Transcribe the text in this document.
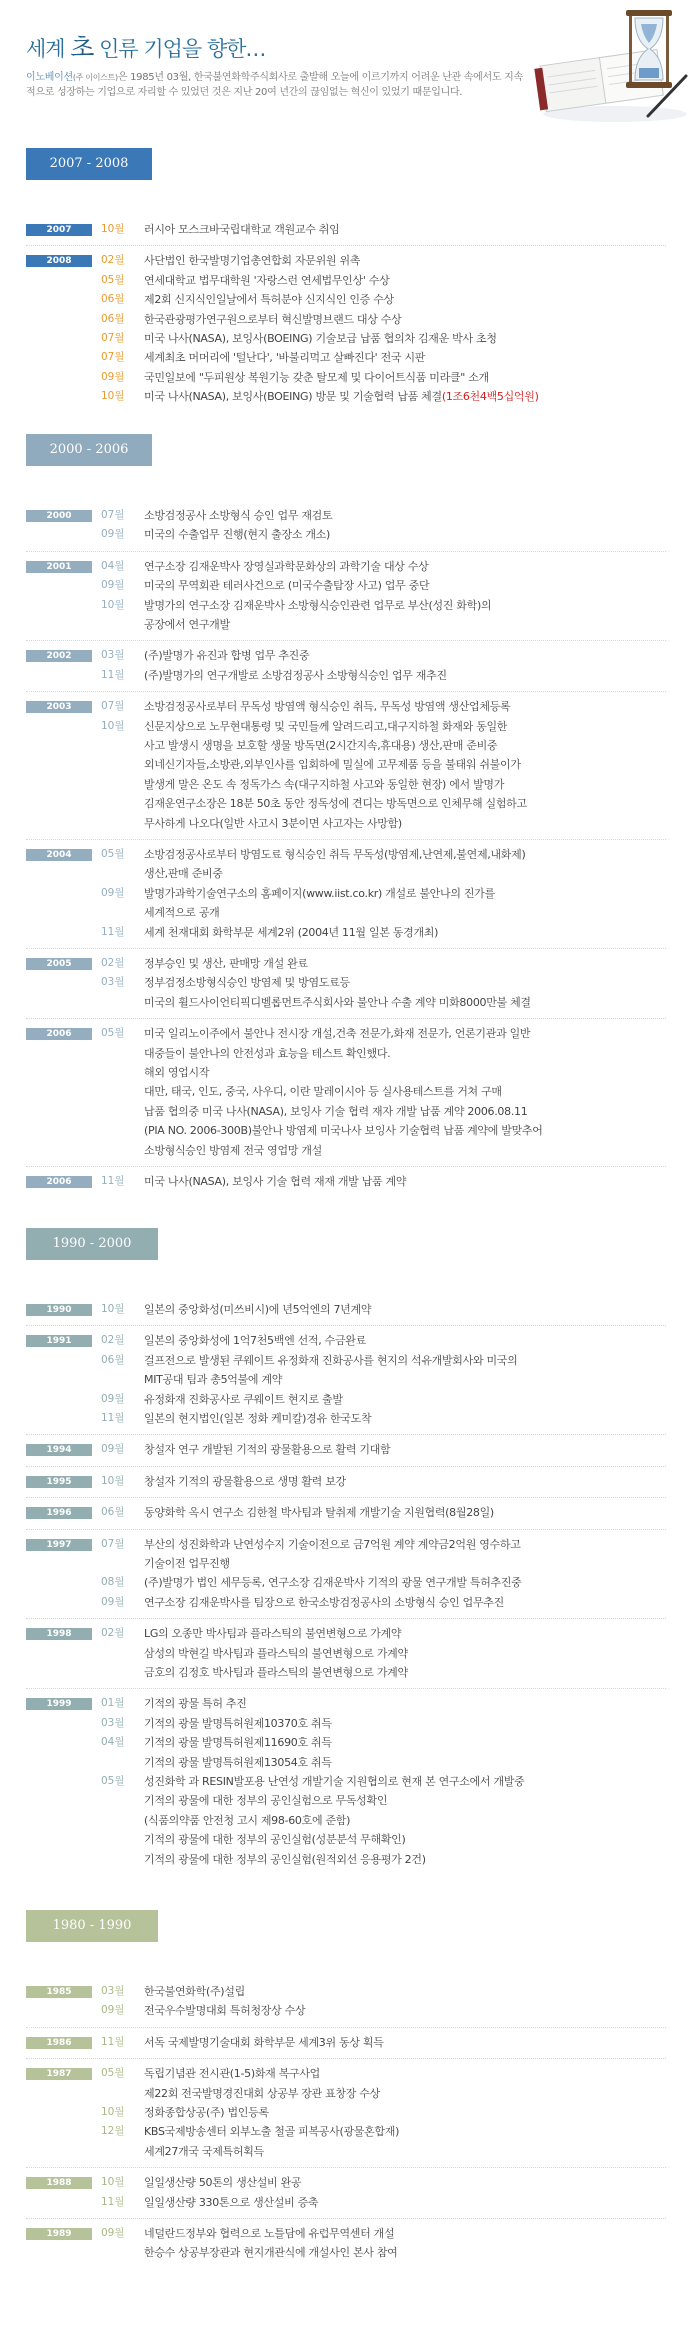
세계 초 인류 기업을 향한…
이노베이션(주 이이스트)은 1985년 03월, 한국불연화학주식회사로 출발해 오늘에 이르기까지 어려운 난관 속에서도 지속적으로 성장하는 기업으로 자리할 수 있었던 것은 지난 20여 년간의 끊임없는 혁신이 있었기 때문입니다.
2007 - 2008
2007	10월	러시아 모스크바국립대학교 객원교수 취임
2008	02월	사단법인 한국발명기업총연합회 자문위원 위촉
05월	연세대학교 법무대학원 '자랑스런 연세법무인상' 수상
06월	제2회 신지식인일날에서 특허분야 신지식인 인증 수상
06월	한국관광평가연구원으로부터 혁신발명브랜드 대상 수상
07월	미국 나사(NASA), 보잉사(BOEING) 기술보급 납품 협의차 김재운 박사 초청
07월	세계최초 머머리에 '털난다', '바불리먹고 살빠진다' 전국 시판
09월	국민일보에 "두피원상 복원기능 갖춘 탈모제 및 다이어트식품 미라클" 소개
10월	미국 나사(NASA), 보잉사(BOEING) 방문 및 기술협력 납품 체결(1조6천4백5십억원)
2000 - 2006
2000	07월	소방검정공사 소방형식 승인 업무 재검토
09월	미국의 수출업무 진행(현지 출장소 개소)
2001	04월	연구소장 김재운박사 장영실과학문화상의 과학기술 대상 수상
09월	미국의 무역회관 테러사건으로 (미국수출탐장 사고) 업무 중단
10월	발명가의 연구소장 김재운박사 소방형식승인관련 업무로 부산(성진 화학)의
공장에서 연구개발
2002	03월	(주)발명가 유진과 합병 업무 추진중
11월	(주)발명가의 연구개발로 소방검정공사 소방형식승인 업무 재추진
2003	07월	소방검정공사로부터 무독성 방염액 형식승인 취득, 무독성 방염액 생산업체등록
10월	신문지상으로 노무현대통령 및 국민들께 알려드리고,대구지하철 화재와 동일한
사고 발생시 생명을 보호할 생물 방독면(2시간지속,휴대용) 생산,판매 준비중
외네신기자들,소방관,외부인사를 입회하에 밀실에 고무제품 등을 불태워 쉬불이가
발생게 말은 온도 속 정독가스 속(대구지하철 사고와 동일한 현장) 에서 발명가
김재운연구소장은 18분 50초 동안 정독성에 견디는 방독면으로 인체무해 실험하고
무사하게 나오다(일반 사고시 3분이면 사고자는 사망함)
2004	05월	소방검정공사로부터 방염도료 형식승인 취득 무독성(방염제,난연제,불연제,내화제)
생산,판매 준비중
09월	발명가과학기술연구소의 홈페이지(www.iist.co.kr) 개설로 불안나의 진가를
세계적으로 공개
11월	세계 천재대회 화학부문 세계2위 (2004년 11월 일본 동경개최)
2005	02월	정부승인 및 생산, 판매망 개설 완료
03월	정부검정소방형식승인 방염제 및 방염도료등
미국의 휠드사이언티픽디벨롭먼트주식회사와 불안나 수출 계약 미화8000만불 체결
2006	05월	미국 일리노이주에서 불안나 전시장 개설,건축 전문가,화재 전문가, 언론기관과 일반
대중들이 불안나의 안전성과 효능을 테스트 확인했다.
해외 영업시작
대만, 태국, 인도, 중국, 사우디, 이란 말레이시아 등 실사용테스트를 거쳐 구매
납품 협의중 미국 나사(NASA), 보잉사 기술 협력 재자 개발 납품 계약 2006.08.11
(PIA NO. 2006-300B)불안나 방염제 미국나사 보잉사 기술협력 납품 계약에 발맞추어
소방형식승인 방염제 전국 영업망 개설
2006	11월	미국 나사(NASA), 보잉사 기술 협력 재재 개발 납품 계약
1990 - 2000
1990	10월	일본의 중앙화성(미쓰비시)에 년5억엔의 7년계약
1991	02월	일본의 중앙화성에 1억7천5백엔 선적, 수금완료
06월	걸프전으로 발생된 쿠웨이트 유정화재 진화공사를 현지의 석유개발회사와 미국의
MIT공대 팀과 총5억불에 계약
09월	유정화재 진화공사로 쿠웨이트 현지로 출발
11월	일본의 현지법인(일본 정화 케미칼)경유 한국도착
1994	09월	창설자 연구 개발된 기적의 광물활용으로 활력 기대함
1995	10월	창설자 기적의 광물활용으로 생명 활력 보강
1996	06월	동양화학 옥시 연구소 김한철 박사팀과 탈취제 개발기술 지원협력(8월28일)
1997	07월	부산의 성진화학과 난연성수지 기술이전으로 금7억원 계약 계약금2억원 영수하고
기술이전 업무진행
08월	(주)발명가 법인 세무등록, 연구소장 김재운박사 기적의 광물 연구개발 특허추진중
09월	연구소장 김재운박사를 팀장으로 한국소방검정공사의 소방형식 승인 업무추진
1998	02월	LG의 오종만 박사팀과 플라스틱의 불연변형으로 가계약
삼성의 박현길 박사팀과 플라스틱의 불연변형으로 가계약
금호의 김정호 박사팀과 플라스틱의 불연변형으로 가계약
1999	01월	기적의 광물 특허 추진
03월	기적의 광물 발명특허원제10370호 취득
04월	기적의 광물 발명특허원제11690호 취득
기적의 광물 발명특허원제13054호 취득
05월	성진화학 과 RESIN발포용 난연성 개발기술 지원협의로 현재 본 연구소에서 개발중
기적의 광물에 대한 정부의 공인실험으로 무독성확인
(식품의약품 안전청 고시 제98-60호에 준함)
기적의 광물에 대한 정부의 공인실험(성분분석 무해확인)
기적의 광물에 대한 정부의 공인실험(원적외선 응용평가 2건)
1980 - 1990
1985	03월	한국불연화학(주)설립
09월	전국우수발명대회 특허청장상 수상
1986	11월	서독 국제발명기술대회 화학부문 세계3위 동상 획득
1987	05월	독립기념관 전시관(1-5)화재 복구사업
제22회 전국발명경진대회 상공부 장관 표창장 수상
10월	정화종합상공(주) 법인등록
12월	KBS국제방송센터 외부노출 철골 피복공사(광물혼합재)
세계27개국 국제특허획득
1988	10월	일일생산량 50톤의 생산설비 완공
11월	일일생산량 330톤으로 생산설비 증축
1989	09월	네덜란드정부와 협력으로 노틀담에 유럽무역센터 개설
한승수 상공부장관과 현지개관식에 개설사인 본사 참여
